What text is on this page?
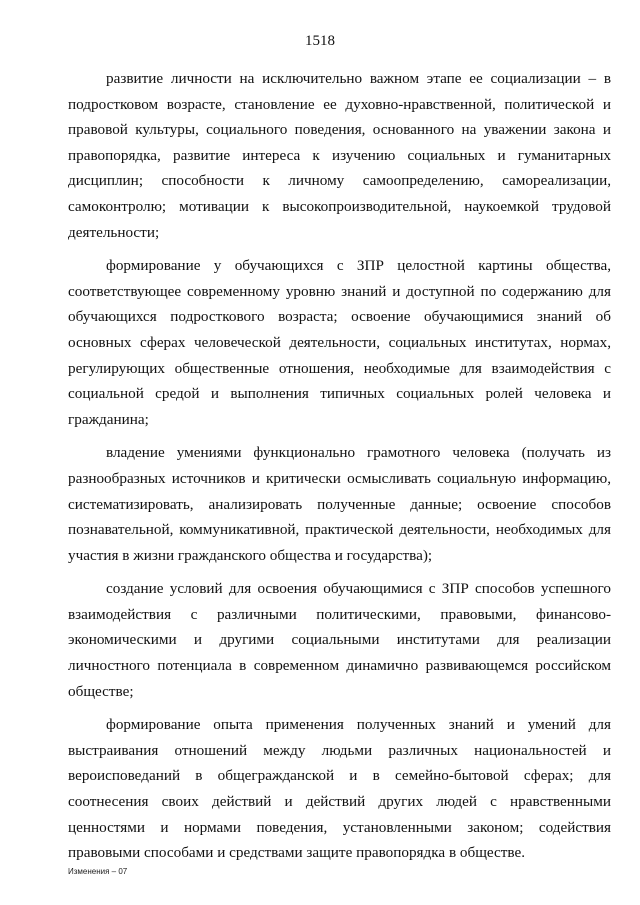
1518

развитие личности на исключительно важном этапе ее социализации – в подростковом возрасте, становление ее духовно-нравственной, политической и правовой культуры, социального поведения, основанного на уважении закона и правопорядка, развитие интереса к изучению социальных и гуманитарных дисциплин; способности к личному самоопределению, самореализации, самоконтролю; мотивации к высокопроизводительной, наукоемкой трудовой деятельности;

формирование у обучающихся с ЗПР целостной картины общества, соответствующее современному уровню знаний и доступной по содержанию для обучающихся подросткового возраста; освоение обучающимися знаний об основных сферах человеческой деятельности, социальных институтах, нормах, регулирующих общественные отношения, необходимые для взаимодействия с социальной средой и выполнения типичных социальных ролей человека и гражданина;

владение умениями функционально грамотного человека (получать из разнообразных источников и критически осмысливать социальную информацию, систематизировать, анализировать полученные данные; освоение способов познавательной, коммуникативной, практической деятельности, необходимых для участия в жизни гражданского общества и государства);

создание условий для освоения обучающимися с ЗПР способов успешного взаимодействия с различными политическими, правовыми, финансово-экономическими и другими социальными институтами для реализации личностного потенциала в современном динамично развивающемся российском обществе;

формирование опыта применения полученных знаний и умений для выстраивания отношений между людьми различных национальностей и вероисповеданий в общегражданской и в семейно-бытовой сферах; для соотнесения своих действий и действий других людей с нравственными ценностями и нормами поведения, установленными законом; содействия правовыми способами и средствами защите правопорядка в обществе.

Изменения – 07
